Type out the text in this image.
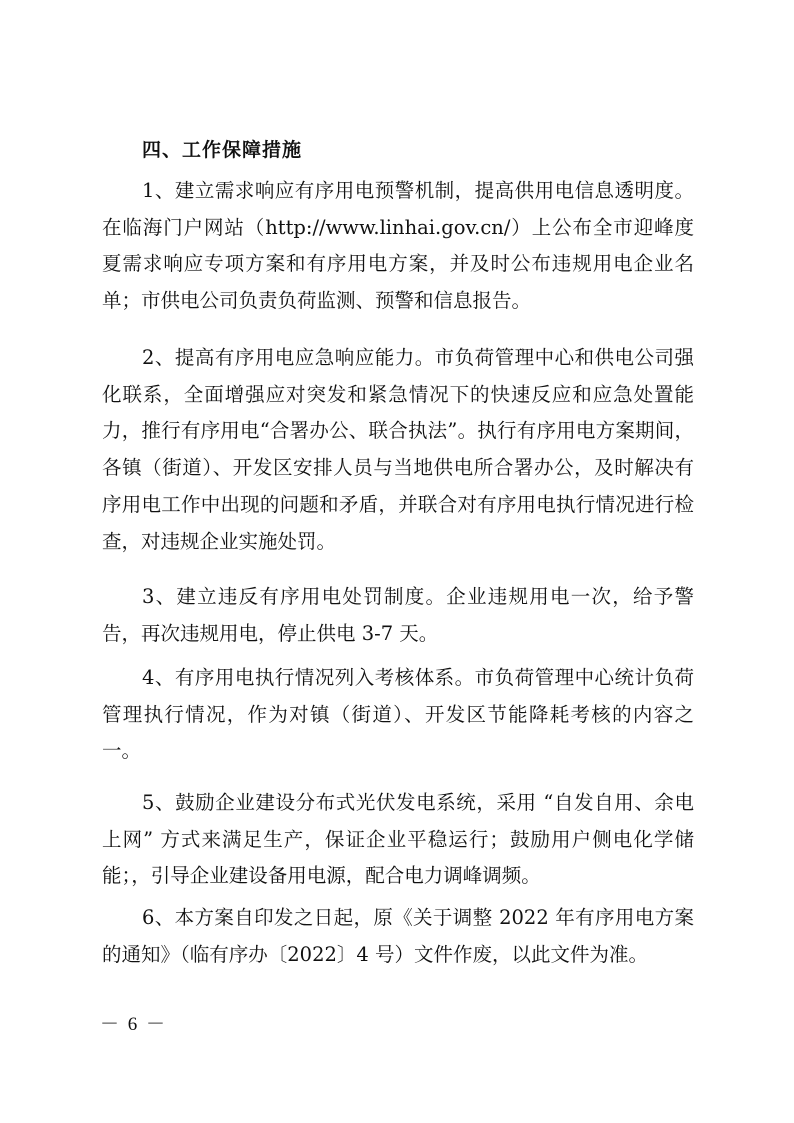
四、工作保障措施

1、建立需求响应有序用电预警机制，提高供用电信息透明度。在临海门户网站（http://www.linhai.gov.cn/）上公布全市迎峰度夏需求响应专项方案和有序用电方案，并及时公布违规用电企业名单；市供电公司负责负荷监测、预警和信息报告。

2、提高有序用电应急响应能力。市负荷管理中心和供电公司强化联系，全面增强应对突发和紧急情况下的快速反应和应急处置能力，推行有序用电“合署办公、联合执法”。执行有序用电方案期间，各镇（街道）、开发区安排人员与当地供电所合署办公，及时解决有序用电工作中出现的问题和矛盾，并联合对有序用电执行情况进行检查，对违规企业实施处罚。

3、建立违反有序用电处罚制度。企业违规用电一次，给予警告，再次违规用电，停止供电 3-7 天。

4、有序用电执行情况列入考核体系。市负荷管理中心统计负荷管理执行情况，作为对镇（街道）、开发区节能降耗考核的内容之一。

5、鼓励企业建设分布式光伏发电系统，采用 “自发自用、余电上网” 方式来满足生产，保证企业平稳运行；鼓励用户侧电化学储能；，引导企业建设备用电源，配合电力调峰调频。

6、本方案自印发之日起，原《关于调整 2022 年有序用电方案的通知》（临有序办〔2022〕4 号）文件作废，以此文件为准。

－ 6 －
